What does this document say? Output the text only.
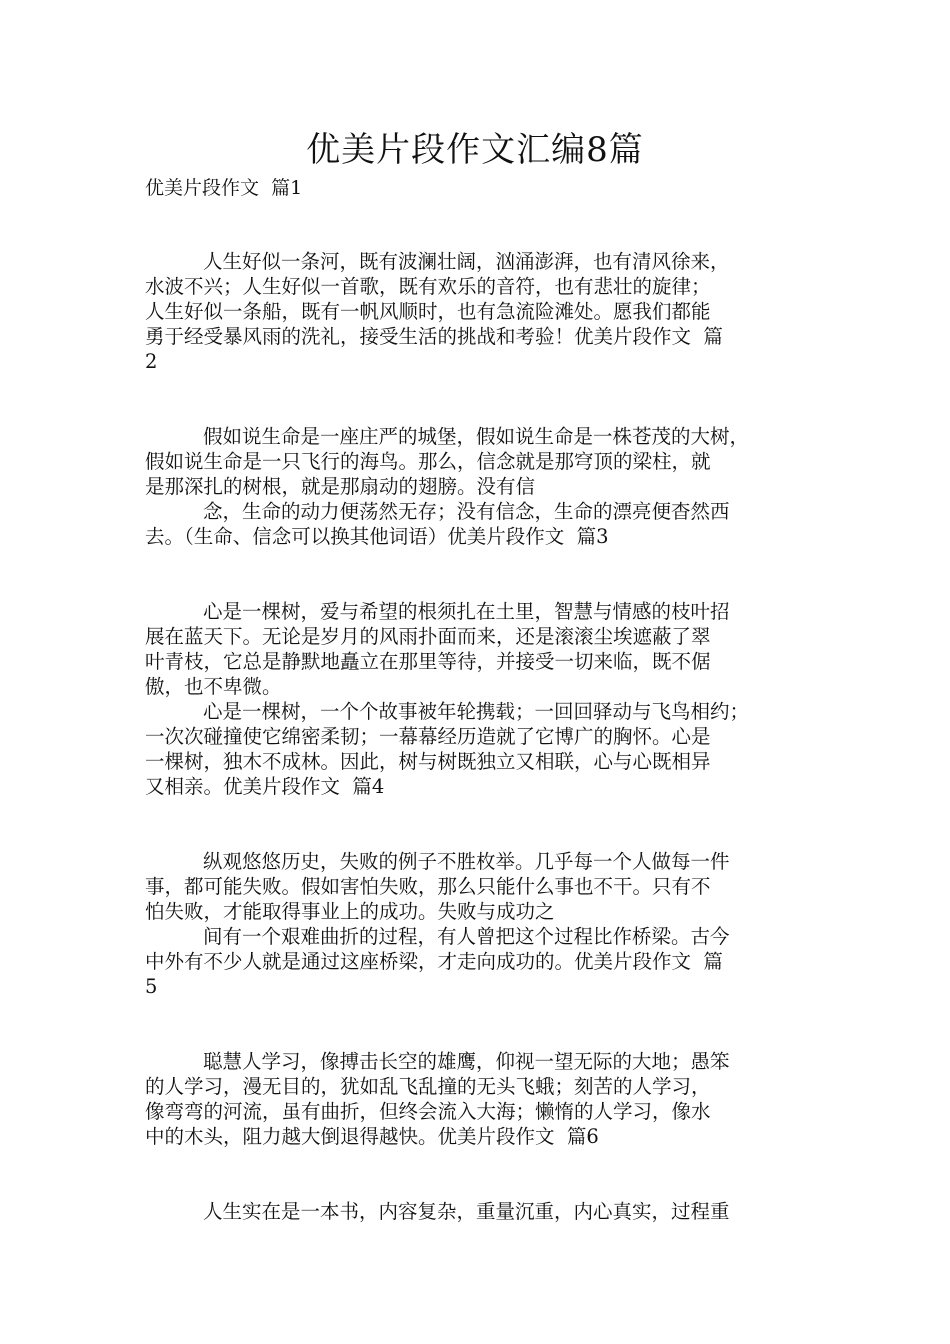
优美片段作文汇编8篇
优美片段作文  篇1
人生好似一条河，既有波澜壮阔，汹涌澎湃，也有清风徐来，
水波不兴；人生好似一首歌，既有欢乐的音符，也有悲壮的旋律；
人生好似一条船，既有一帆风顺时，也有急流险滩处。愿我们都能
勇于经受暴风雨的洗礼，接受生活的挑战和考验！优美片段作文  篇
2
假如说生命是一座庄严的城堡，假如说生命是一株苍茂的大树，
假如说生命是一只飞行的海鸟。那么，信念就是那穹顶的梁柱，就
是那深扎的树根，就是那扇动的翅膀。没有信
念，生命的动力便荡然无存；没有信念，生命的漂亮便杳然西
去。（生命、信念可以换其他词语）优美片段作文  篇3
心是一棵树，爱与希望的根须扎在土里，智慧与情感的枝叶招
展在蓝天下。无论是岁月的风雨扑面而来，还是滚滚尘埃遮蔽了翠
叶青枝，它总是静默地矗立在那里等待，并接受一切来临，既不倨
傲，也不卑微。
心是一棵树，一个个故事被年轮携载；一回回驿动与飞鸟相约；
一次次碰撞使它绵密柔韧；一幕幕经历造就了它博广的胸怀。心是
一棵树，独木不成林。因此，树与树既独立又相联，心与心既相异
又相亲。优美片段作文  篇4
纵观悠悠历史，失败的例子不胜枚举。几乎每一个人做每一件
事，都可能失败。假如害怕失败，那么只能什么事也不干。只有不
怕失败，才能取得事业上的成功。失败与成功之
间有一个艰难曲折的过程，有人曾把这个过程比作桥梁。古今
中外有不少人就是通过这座桥梁，才走向成功的。优美片段作文  篇
5
聪慧人学习，像搏击长空的雄鹰，仰视一望无际的大地；愚笨
的人学习，漫无目的，犹如乱飞乱撞的无头飞蛾；刻苦的人学习，
像弯弯的河流，虽有曲折，但终会流入大海；懒惰的人学习，像水
中的木头，阻力越大倒退得越快。优美片段作文  篇6
人生实在是一本书，内容复杂，重量沉重，内心真实，过程重
